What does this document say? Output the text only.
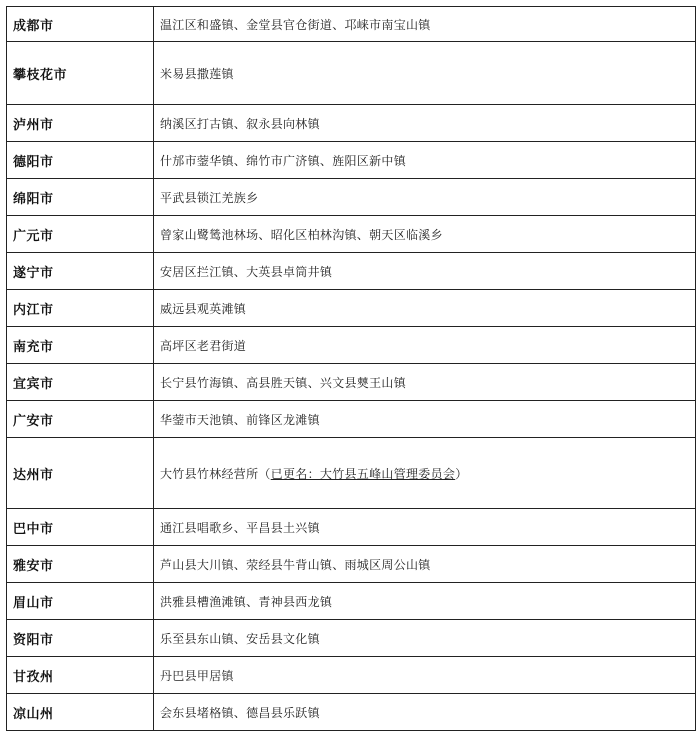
成都市	温江区和盛镇、金堂县官仓街道、邛崃市南宝山镇
攀枝花市	米易县撒莲镇
泸州市	纳溪区打古镇、叙永县向林镇
德阳市	什邡市蓥华镇、绵竹市广济镇、旌阳区新中镇
绵阳市	平武县锁江羌族乡
广元市	曾家山鹭鸶池林场、昭化区柏林沟镇、朝天区临溪乡
遂宁市	安居区拦江镇、大英县卓筒井镇
内江市	威远县观英滩镇
南充市	高坪区老君街道
宜宾市	长宁县竹海镇、高县胜天镇、兴文县僰王山镇
广安市	华蓥市天池镇、前锋区龙滩镇
达州市	大竹县竹林经营所（已更名：大竹县五峰山管理委员会）
巴中市	通江县唱歌乡、平昌县土兴镇
雅安市	芦山县大川镇、荥经县牛背山镇、雨城区周公山镇
眉山市	洪雅县槽渔滩镇、青神县西龙镇
资阳市	乐至县东山镇、安岳县文化镇
甘孜州	丹巴县甲居镇
凉山州	会东县堵格镇、德昌县乐跃镇
